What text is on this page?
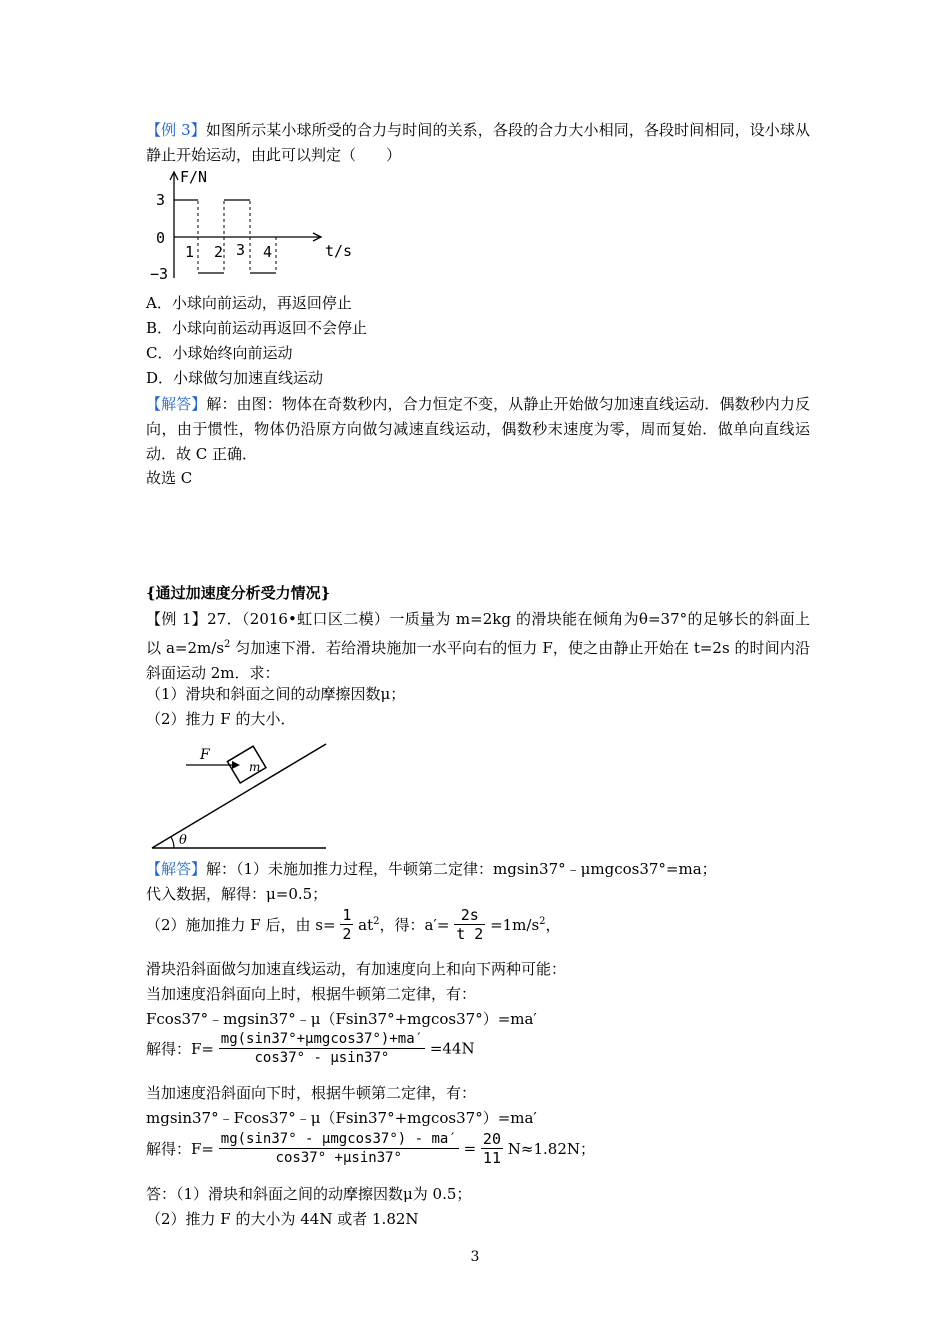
【例 3】如图所示某小球所受的合力与时间的关系，各段的合力大小相同，各段时间相同，设小球从静止开始运动，由此可以判定（　　）
F/N
t/s
3
0
−3
1 2 3 4
A．小球向前运动，再返回停止
B．小球向前运动再返回不会停止
C．小球始终向前运动
D．小球做匀加速直线运动
【解答】解：由图：物体在奇数秒内，合力恒定不变，从静止开始做匀加速直线运动．偶数秒内力反向，由于惯性，物体仍沿原方向做匀减速直线运动，偶数秒末速度为零，周而复始．做单向直线运动．故 C 正确．
故选 C
{通过加速度分析受力情况}
【例 1】27．（2016•虹口区二模）一质量为 m=2kg 的滑块能在倾角为θ=37°的足够长的斜面上以 $a=2m/s^2$ 匀加速下滑．若给滑块施加一水平向右的恒力 F，使之由静止开始在 t=2s 的时间内沿斜面运动 2m．求：
（1）滑块和斜面之间的动摩擦因数μ；
（2）推力 F 的大小．
θ
m
F
【解答】解：（1）未施加推力过程，牛顿第二定律：mgsin37°﹣μmgcos37°=ma；
代入数据，解得：μ=0.5；
（2）施加推力 F 后，由 $s= \frac{1}{2} at^2$，得：$a'= \frac{2s}{t 2} =1m/s^2$，
滑块沿斜面做匀加速直线运动，有加速度向上和向下两种可能：
当加速度沿斜面向上时，根据牛顿第二定律，有：
Fcos37°﹣mgsin37°﹣μ（Fsin37°+mgcos37°）=ma′
解得：$F= \frac{\text{mg(sin37°+μmgcos37°)+ma′}}{\cos 37^\circ - \mu\sin 37^\circ} =44N$
当加速度沿斜面向下时，根据牛顿第二定律，有：
mgsin37°﹣Fcos37°﹣μ（Fsin37°+mgcos37°）=ma′
解得：$F= \frac{\text{mg(sin37° - μmgcos37°) - ma′}}{\cos 37^\circ +\mu\sin 37^\circ} = \frac{20}{11} N\approx 1.82N$；
答：（1）滑块和斜面之间的动摩擦因数μ为 0.5；
（2）推力 F 的大小为 44N 或者 1.82N
3
